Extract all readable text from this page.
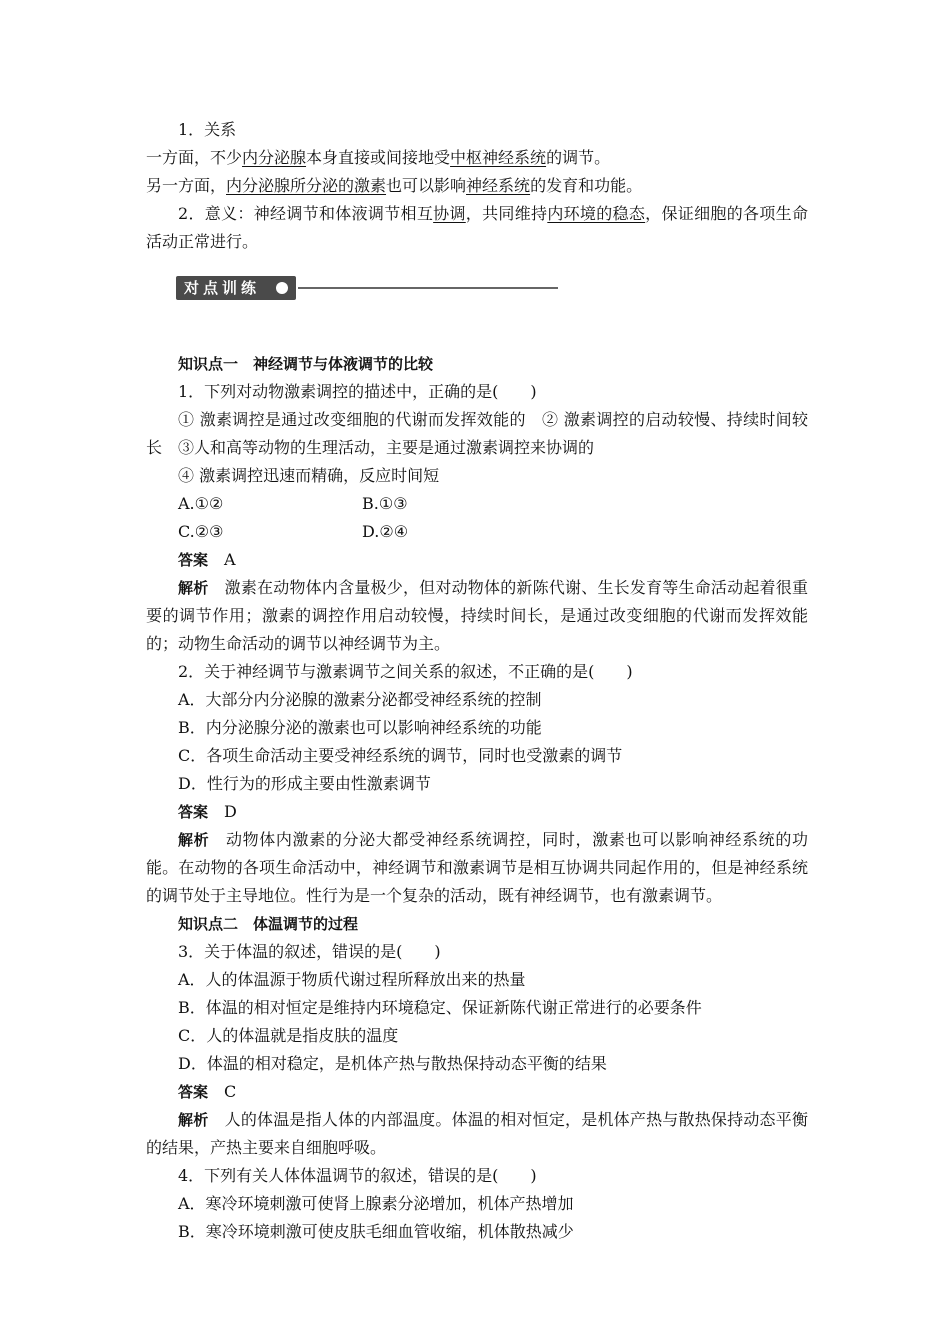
1．关系

一方面，不少内分泌腺本身直接或间接地受中枢神经系统的调节。

另一方面，内分泌腺所分泌的激素也可以影响神经系统的发育和功能。

2．意义：神经调节和体液调节相互协调，共同维持内环境的稳态，保证细胞的各项生命活动正常进行。

对点训练

知识点一　神经调节与体液调节的比较

1．下列对动物激素调控的描述中，正确的是(　　)

① 激素调控是通过改变细胞的代谢而发挥效能的　② 激素调控的启动较慢、持续时间较长　③人和高等动物的生理活动，主要是通过激素调控来协调的

④ 激素调控迅速而精确，反应时间短

A.①②	B.①③
C.②③	D.②④

答案　 A

解析　 激素在动物体内含量极少，但对动物体的新陈代谢、生长发育等生命活动起着很重要的调节作用；激素的调控作用启动较慢，持续时间长，是通过改变细胞的代谢而发挥效能的；动物生命活动的调节以神经调节为主。

2．关于神经调节与激素调节之间关系的叙述，不正确的是(　　)

A．大部分内分泌腺的激素分泌都受神经系统的控制

B．内分泌腺分泌的激素也可以影响神经系统的功能

C．各项生命活动主要受神经系统的调节，同时也受激素的调节

D．性行为的形成主要由性激素调节

答案　 D

解析　 动物体内激素的分泌大都受神经系统调控，同时，激素也可以影响神经系统的功能。在动物的各项生命活动中，神经调节和激素调节是相互协调共同起作用的，但是神经系统的调节处于主导地位。性行为是一个复杂的活动，既有神经调节，也有激素调节。

知识点二　体温调节的过程

3．关于体温的叙述，错误的是(　　)

A．人的体温源于物质代谢过程所释放出来的热量

B．体温的相对恒定是维持内环境稳定、保证新陈代谢正常进行的必要条件

C．人的体温就是指皮肤的温度

D．体温的相对稳定，是机体产热与散热保持动态平衡的结果

答案　 C

解析　 人的体温是指人体的内部温度。体温的相对恒定，是机体产热与散热保持动态平衡的结果，产热主要来自细胞呼吸。

4．下列有关人体体温调节的叙述，错误的是(　　)

A．寒冷环境刺激可使肾上腺素分泌增加，机体产热增加

B．寒冷环境刺激可使皮肤毛细血管收缩，机体散热减少
